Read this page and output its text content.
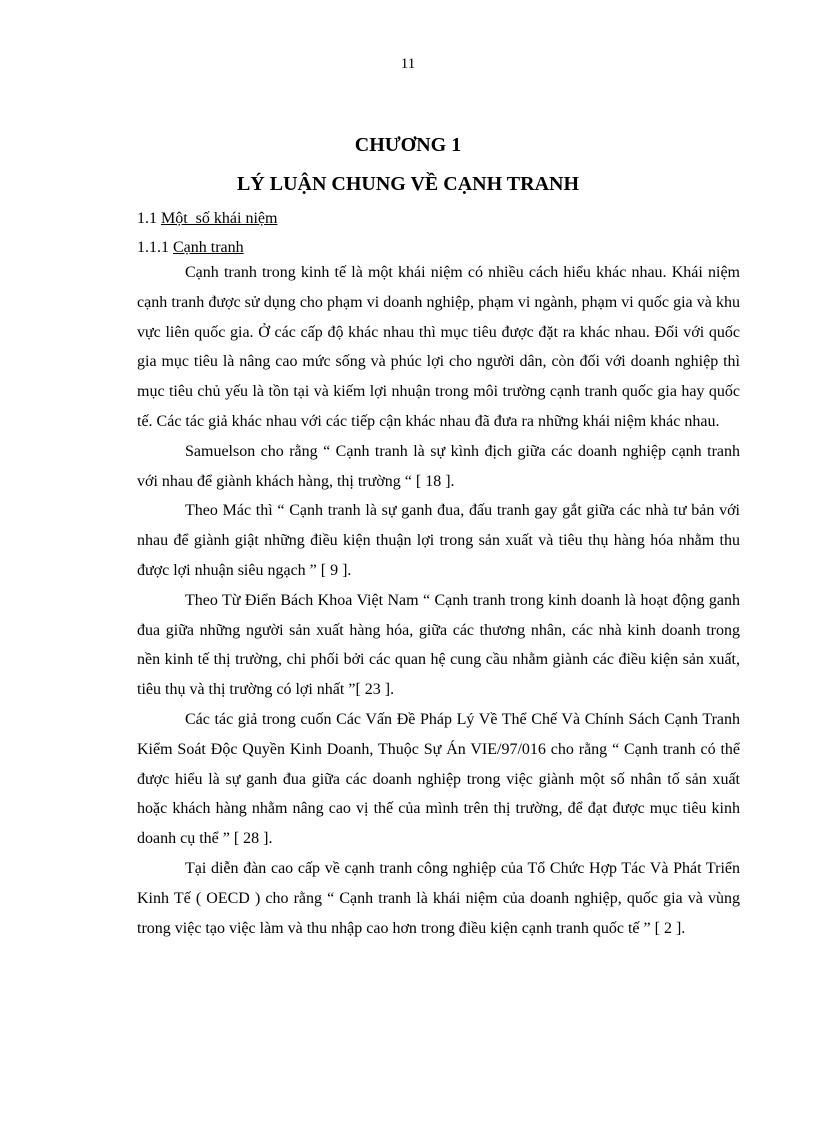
11
CHƯƠNG 1
LÝ LUẬN CHUNG VỀ CẠNH TRANH
1.1 Một  số khái niệm
1.1.1 Cạnh tranh

Cạnh tranh trong kinh tế là một khái niệm có nhiều cách hiểu khác nhau. Khái niệm cạnh tranh được sử dụng cho phạm vi doanh nghiệp, phạm vi ngành, phạm vi quốc gia và khu vực liên quốc gia. Ở các cấp độ khác nhau thì mục tiêu được đặt ra khác nhau. Đối với quốc gia mục tiêu là nâng cao mức sống và phúc lợi cho người dân, còn đối với doanh nghiệp thì mục tiêu chủ yếu là tồn tại và kiếm lợi nhuận trong môi trường cạnh tranh quốc gia hay quốc tế. Các tác giả khác nhau với các tiếp cận khác nhau đã đưa ra những khái niệm khác nhau.

Samuelson cho rằng “ Cạnh tranh là sự kình địch giữa các doanh nghiệp cạnh tranh với nhau để giành khách hàng, thị trường “ [ 18 ].

Theo Mác thì “ Cạnh tranh là sự ganh đua, đấu tranh gay gắt giữa các nhà tư bản với nhau để giành giật những điều kiện thuận lợi trong sản xuất và tiêu thụ hàng hóa nhằm thu được lợi nhuận siêu ngạch ” [ 9 ].

Theo Từ Điển Bách Khoa Việt Nam “ Cạnh tranh trong kinh doanh là hoạt động ganh đua giữa những người sản xuất hàng hóa, giữa các thương nhân, các nhà kinh doanh trong nền kinh tế thị trường, chi phối bởi các quan hệ cung cầu nhằm giành các điều kiện sản xuất, tiêu thụ và thị trường có lợi nhất ”[ 23 ].

Các tác giả trong cuốn Các Vấn Đề Pháp Lý Về Thể Chế Và Chính Sách Cạnh Tranh Kiểm Soát Độc Quyền Kinh Doanh, Thuộc Sự Án VIE/97/016 cho rằng “ Cạnh tranh có thể được hiểu là sự ganh đua giữa các doanh nghiệp trong việc giành một số nhân tố sản xuất hoặc khách hàng nhằm nâng cao vị thế của mình trên thị trường, để đạt được mục tiêu kinh doanh cụ thể ” [ 28 ].

Tại diễn đàn cao cấp về cạnh tranh công nghiệp của Tổ Chức Hợp Tác Và Phát Triển Kinh Tế ( OECD ) cho rằng “ Cạnh tranh là khái niệm của doanh nghiệp, quốc gia và vùng trong việc tạo việc làm và thu nhập cao hơn trong điều kiện cạnh tranh quốc tế ” [ 2 ].
